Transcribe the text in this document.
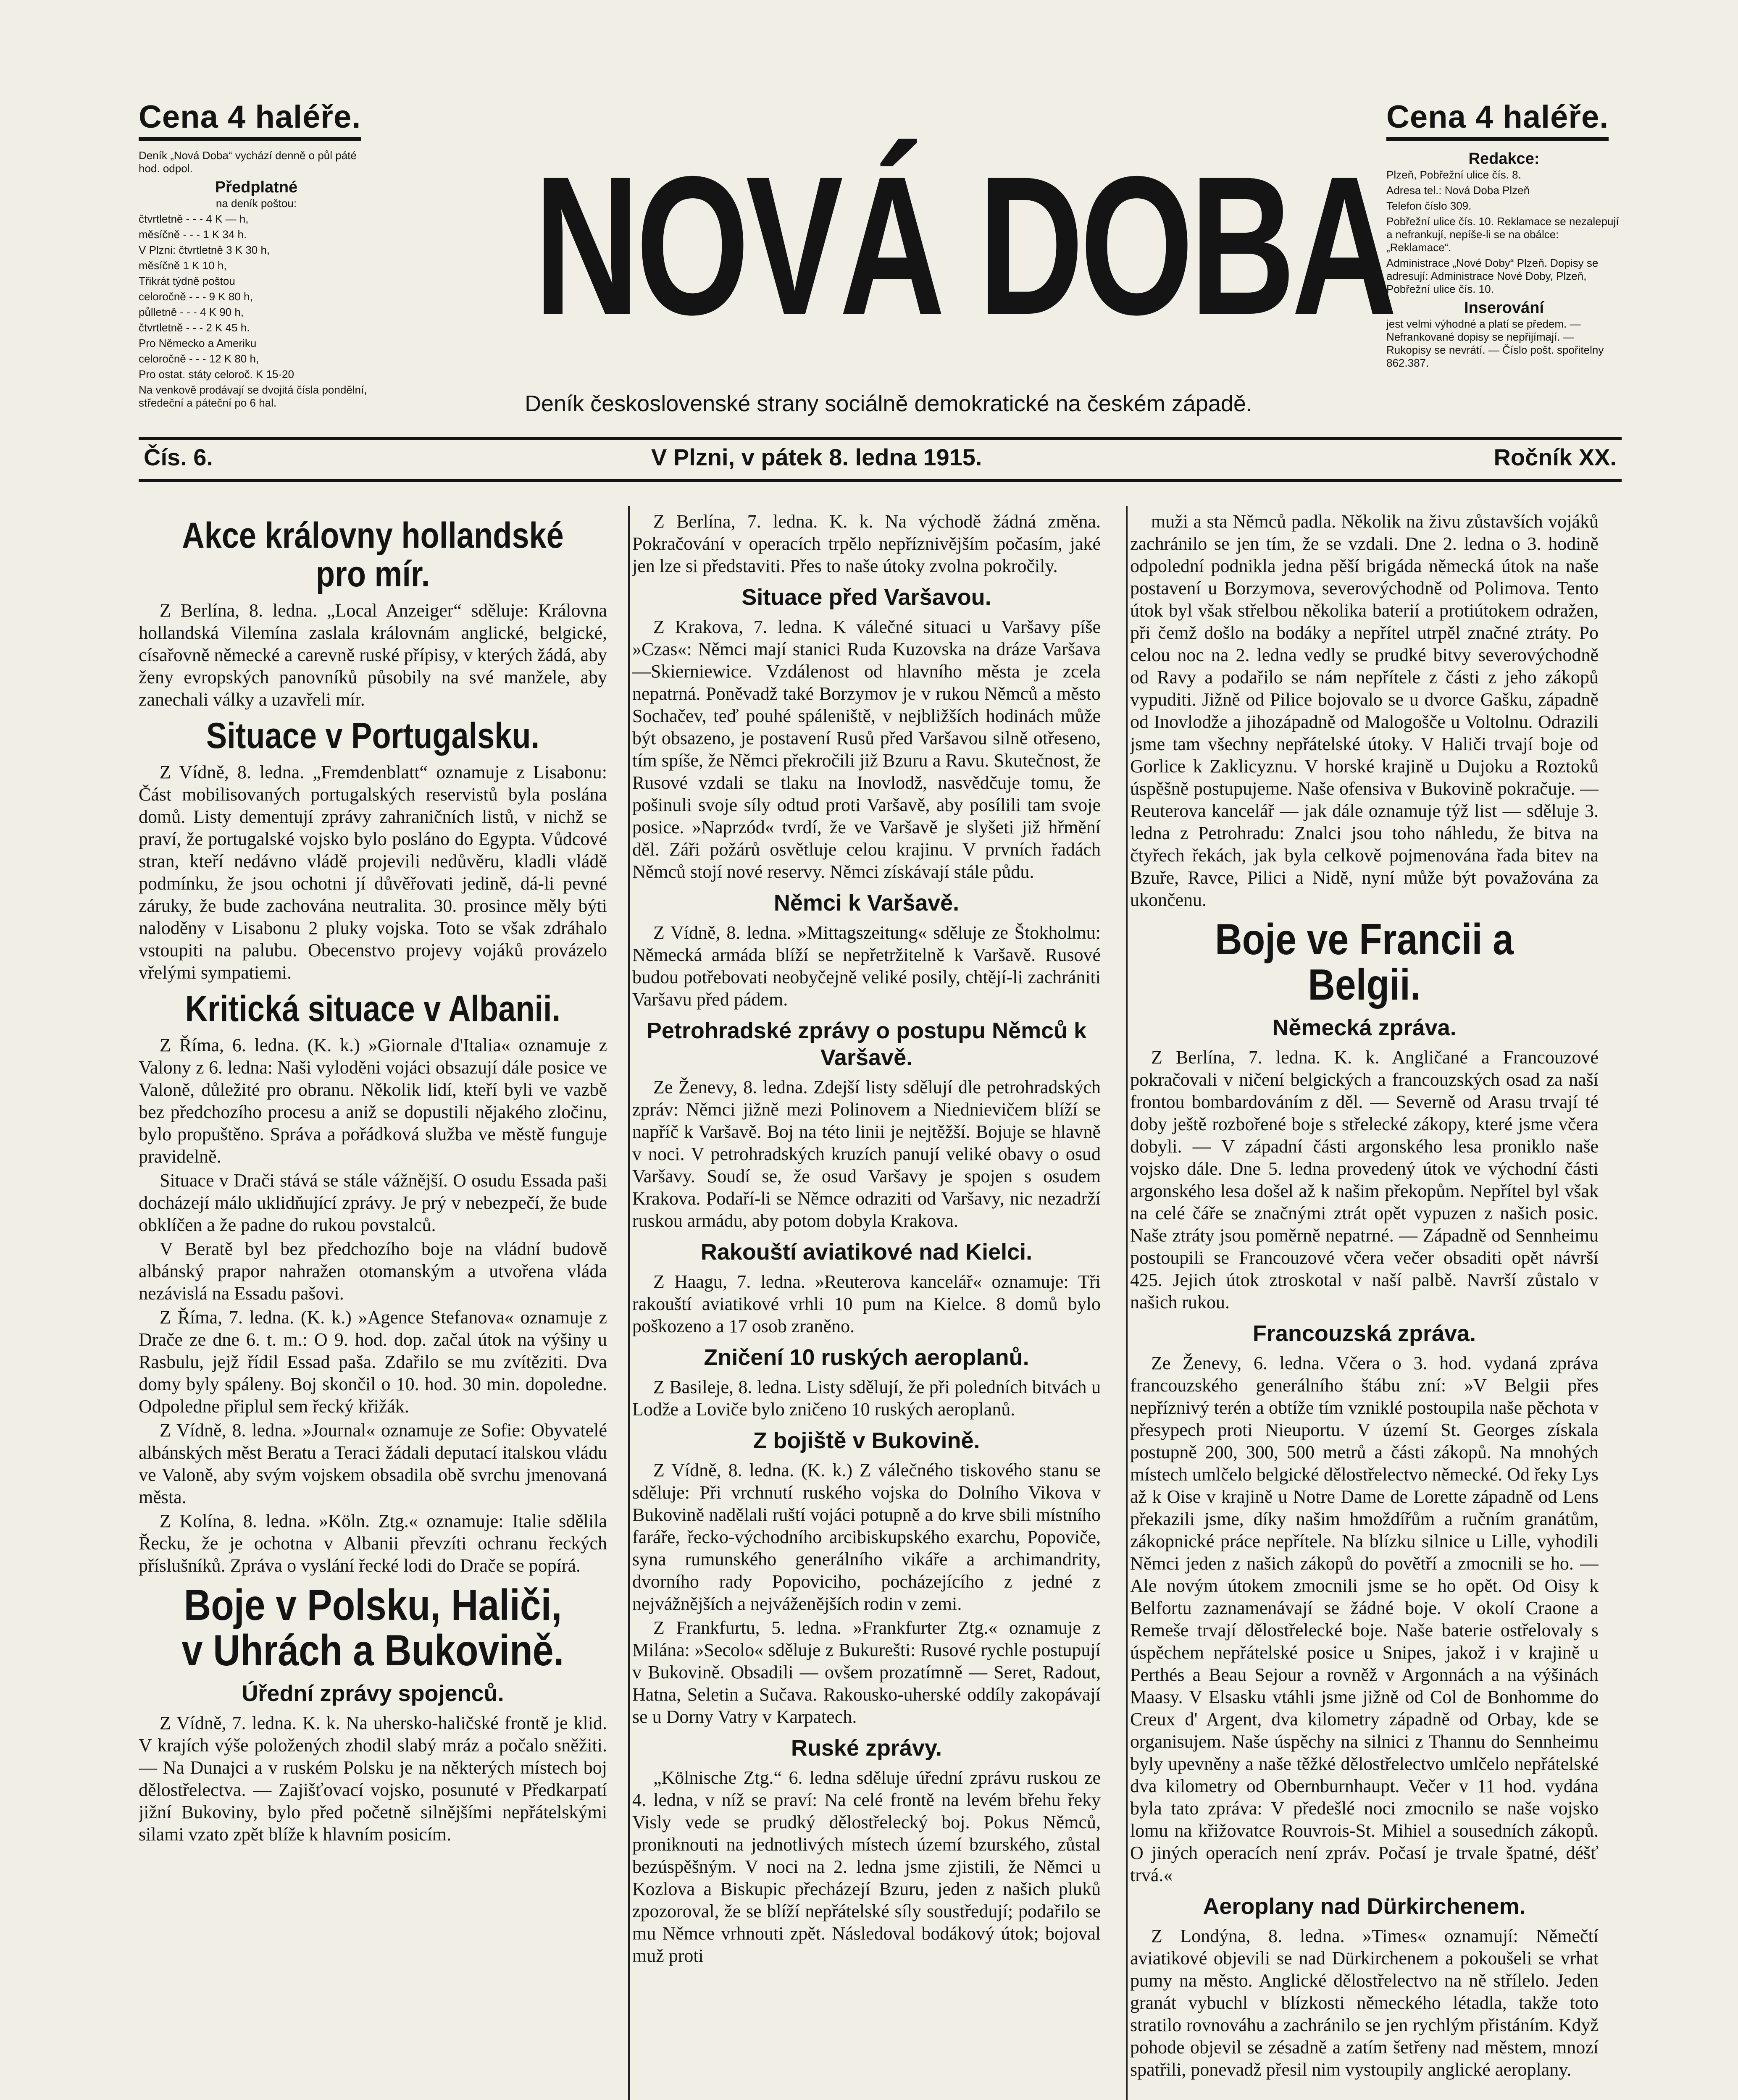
Cena 4 haléře.	Cena 4 haléře.

Deník „Nová Doba“ vychází denně o půl páté hod. odpol.

Předplatné

na deník poštou:

čtvrtletně - - - 4 K — h,

měsíčně - - - 1 K 34 h.

V Plzni: čtvrtletně 3 K 30 h,

měsíčně 1 K 10 h,

Třikrát týdně poštou

celoročně - - - 9 K 80 h,

půlletně - - - 4 K 90 h,

čtvrtletně - - - 2 K 45 h.

Pro Německo a Ameriku

celoročně - - - 12 K 80 h,

Pro ostat. státy celoroč. K 15·20

Na venkově prodávají se dvojitá čísla pondělní, středeční a páteční po 6 hal.

NOVÁ DOBA
Deník československé strany sociálně demokratické na českém západě.
Redakce:

Plzeň, Pobřežní ulice čís. 8.

Adresa tel.: Nová Doba Plzeň

Telefon číslo 309.

Pobřežní ulice čís. 10. Reklamace se nezalepují a nefrankují, nepíše-li se na obálce: „Reklamace“.

Administrace „Nové Doby“ Plzeň. Dopisy se adresují: Administrace Nové Doby, Plzeň, Pobřežní ulice čís. 10.

Inserování

jest velmi výhodné a platí se předem. — Nefrankované dopisy se nepřijímají. — Rukopisy se nevrátí. — Číslo pošt. spořitelny 862.387.

Čís. 6.	V Plzni, v pátek 8. ledna 1915.	Ročník XX.
Akce královny hollandské pro mír.

Z Berlína, 8. ledna. „Local Anzeiger“ sděluje: Královna hollandská Vilemína zaslala královnám anglické, belgické, císařovně německé a carevně ruské přípisy, v kterých žádá, aby ženy evropských panovníků působily na své manžele, aby zanechali války a uzavřeli mír.

Situace v Portugalsku.

Z Vídně, 8. ledna. „Fremdenblatt“ oznamuje z Lisabonu: Část mobilisovaných portugalských reservistů byla poslána domů. Listy dementují zprávy zahraničních listů, v nichž se praví, že portugalské vojsko bylo posláno do Egypta. Vůdcové stran, kteří nedávno vládě projevili nedůvěru, kladli vládě podmínku, že jsou ochotni jí důvěřovati jedině, dá-li pevné záruky, že bude zachována neutralita. 30. prosince měly býti naloděny v Lisabonu 2 pluky vojska. Toto se však zdráhalo vstoupiti na palubu. Obecenstvo projevy vojáků provázelo vřelými sympatiemi.

Kritická situace v Albanii.

Z Říma, 6. ledna. (K. k.) »Giornale d'Italia« oznamuje z Valony z 6. ledna: Naši vyloděni vojáci obsazují dále posice ve Valoně, důležité pro obranu. Několik lidí, kteří byli ve vazbě bez předchozího procesu a aniž se dopustili nějakého zločinu, bylo propuštěno. Správa a pořádková služba ve městě funguje pravidelně.

Situace v Drači stává se stále vážnější. O osudu Essada paši docházejí málo uklidňující zprávy. Je prý v nebezpečí, že bude obklíčen a že padne do rukou povstalců.

V Beratě byl bez předchozího boje na vládní budově albánský prapor nahražen otomanským a utvořena vláda nezávislá na Essadu pašovi.

Z Říma, 7. ledna. (K. k.) »Agence Stefanova« oznamuje z Drače ze dne 6. t. m.: O 9. hod. dop. začal útok na výšiny u Rasbulu, jejž řídil Essad paša. Zdařilo se mu zvítěziti. Dva domy byly spáleny. Boj skončil o 10. hod. 30 min. dopoledne. Odpoledne připlul sem řecký křižák.

Z Vídně, 8. ledna. »Journal« oznamuje ze Sofie: Obyvatelé albánských měst Beratu a Teraci žádali deputací italskou vládu ve Valoně, aby svým vojskem obsadila obě svrchu jmenovaná města.

Z Kolína, 8. ledna. »Köln. Ztg.« oznamuje: Italie sdělila Řecku, že je ochotna v Albanii převzíti ochranu řeckých příslušníků. Zpráva o vyslání řecké lodi do Drače se popírá.

Boje v Polsku, Haliči, v Uhrách a Bukovině.
Úřední zprávy spojenců.

Z Vídně, 7. ledna. K. k. Na uhersko-haličské frontě je klid. V krajích výše položených zhodil slabý mráz a počalo sněžiti. — Na Dunajci a v ruském Polsku je na některých místech boj dělostřelectva. — Zajišťovací vojsko, posunuté v Předkarpatí jižní Bukoviny, bylo před početně silnějšími nepřátelskými silami vzato zpět blíže k hlavním posicím.

Z Berlína, 7. ledna. K. k. Na východě žádná změna. Pokračování v operacích trpělo nepříznivějším počasím, jaké jen lze si představiti. Přes to naše útoky zvolna pokročily.

Situace před Varšavou.

Z Krakova, 7. ledna. K válečné situaci u Varšavy píše »Czas«: Němci mají stanici Ruda Kuzovska na dráze Varšava—Skierniewice. Vzdálenost od hlavního města je zcela nepatrná. Poněvadž také Borzymov je v rukou Němců a město Sochačev, teď pouhé spáleniště, v nejbližších hodinách může být obsazeno, je postavení Rusů před Varšavou silně otřeseno, tím spíše, že Němci překročili již Bzuru a Ravu. Skutečnost, že Rusové vzdali se tlaku na Inovlodž, nasvědčuje tomu, že pošinuli svoje síly odtud proti Varšavě, aby posílili tam svoje posice. »Naprzód« tvrdí, že ve Varšavě je slyšeti již hřmění děl. Záři požárů osvětluje celou krajinu. V prvních řadách Němců stojí nové reservy. Němci získávají stále půdu.

Němci k Varšavě.

Z Vídně, 8. ledna. »Mittagszeitung« sděluje ze Štokholmu: Německá armáda blíží se nepřetržitelně k Varšavě. Rusové budou potřebovati neobyčejně veliké posily, chtějí-li zachrániti Varšavu před pádem.

Petrohradské zprávy o postupu Němců k Varšavě.

Ze Ženevy, 8. ledna. Zdejší listy sdělují dle petrohradských zpráv: Němci jižně mezi Polinovem a Niednievičem blíží se napříč k Varšavě. Boj na této linii je nejtěžší. Bojuje se hlavně v noci. V petrohradských kruzích panují veliké obavy o osud Varšavy. Soudí se, že osud Varšavy je spojen s osudem Krakova. Podaří-li se Němce odraziti od Varšavy, nic nezadrží ruskou armádu, aby potom dobyla Krakova.

Rakouští aviatikové nad Kielci.

Z Haagu, 7. ledna. »Reuterova kancelář« oznamuje: Tři rakouští aviatikové vrhli 10 pum na Kielce. 8 domů bylo poškozeno a 17 osob zraněno.

Zničení 10 ruských aeroplanů.

Z Basileje, 8. ledna. Listy sdělují, že při poledních bitvách u Lodže a Loviče bylo zničeno 10 ruských aeroplanů.

Z bojiště v Bukovině.

Z Vídně, 8. ledna. (K. k.) Z válečného tiskového stanu se sděluje: Při vrchnutí ruského vojska do Dolního Vikova v Bukovině nadělali ruští vojáci potupně a do krve sbili místního faráře, řecko-východního arcibiskupského exarchu, Popoviče, syna rumunského generálního vikáře a archimandrity, dvorního rady Popoviciho, pocházejícího z jedné z nejvážnějších a nejváženějších rodin v zemi.

Z Frankfurtu, 5. ledna. »Frankfurter Ztg.« oznamuje z Milána: »Secolo« sděluje z Bukurešti: Rusové rychle postupují v Bukovině. Obsadili — ovšem prozatímně — Seret, Radout, Hatna, Seletin a Sučava. Rakousko-uherské oddíly zakopávají se u Dorny Vatry v Karpatech.

Ruské zprávy.

„Kölnische Ztg.“ 6. ledna sděluje úřední zprávu ruskou ze 4. ledna, v níž se praví: Na celé frontě na levém břehu řeky Visly vede se prudký dělostřelecký boj. Pokus Němců, proniknouti na jednotlivých místech území bzurského, zůstal bezúspěšným. V noci na 2. ledna jsme zjistili, že Němci u Kozlova a Biskupic přecházejí Bzuru, jeden z našich pluků zpozoroval, že se blíží nepřátelské síly soustředují; podařilo se mu Němce vrhnouti zpět. Následoval bodákový útok; bojoval muž proti

muži a sta Němců padla. Několik na živu zůstavších vojáků zachránilo se jen tím, že se vzdali. Dne 2. ledna o 3. hodině odpolední podnikla jedna pěší brigáda německá útok na naše postavení u Borzymova, severovýchodně od Polimova. Tento útok byl však střelbou několika baterií a protiútokem odražen, při čemž došlo na bodáky a nepřítel utrpěl značné ztráty. Po celou noc na 2. ledna vedly se prudké bitvy severovýchodně od Ravy a podařilo se nám nepřítele z části z jeho zákopů vypuditi. Jižně od Pilice bojovalo se u dvorce Gašku, západně od Inovlodže a jihozápadně od Malogošče u Voltolnu. Odrazili jsme tam všechny nepřátelské útoky. V Haliči trvají boje od Gorlice k Zaklicyznu. V horské krajině u Dujoku a Roztoků úspěšně postupujeme. Naše ofensiva v Bukovině pokračuje. — Reuterova kancelář — jak dále oznamuje týž list — sděluje 3. ledna z Petrohradu: Znalci jsou toho náhledu, že bitva na čtyřech řekách, jak byla celkově pojmenována řada bitev na Bzuře, Ravce, Pilici a Nidě, nyní může být považována za ukončenu.

Boje ve Francii a Belgii.
Německá zpráva.

Z Berlína, 7. ledna. K. k. Angličané a Francouzové pokračovali v ničení belgických a francouzských osad za naší frontou bombardováním z děl. — Severně od Arasu trvají té doby ještě rozbořené boje s střelecké zákopy, které jsme včera dobyli. — V západní části argonského lesa proniklo naše vojsko dále. Dne 5. ledna provedený útok ve východní části argonského lesa došel až k našim překopům. Nepřítel byl však na celé čáře se značnými ztrát opět vypuzen z našich posic. Naše ztráty jsou poměrně nepatrné. — Západně od Sennheimu postoupili se Francouzové včera večer obsaditi opět návrší 425. Jejich útok ztroskotal v naší palbě. Navrší zůstalo v našich rukou.

Francouzská zpráva.

Ze Ženevy, 6. ledna. Včera o 3. hod. vydaná zpráva francouzského generálního štábu zní: »V Belgii přes nepříznivý terén a obtíže tím vzniklé postoupila naše pěchota v přesypech proti Nieuportu. V území St. Georges získala postupně 200, 300, 500 metrů a části zákopů. Na mnohých místech umlčelo belgické dělostřelectvo německé. Od řeky Lys až k Oise v krajině u Notre Dame de Lorette západně od Lens překazili jsme, díky našim hmoždířům a ručním granátům, zákopnické práce nepřítele. Na blízku silnice u Lille, vyhodili Němci jeden z našich zákopů do povětří a zmocnili se ho. — Ale novým útokem zmocnili jsme se ho opět. Od Oisy k Belfortu zaznamenávají se žádné boje. V okolí Craone a Remeše trvají dělostřelecké boje. Naše baterie ostřelovaly s úspěchem nepřátelské posice u Snipes, jakož i v krajině u Perthés a Beau Sejour a rovněž v Argonnách a na výšinách Maasy. V Elsasku vtáhli jsme jižně od Col de Bonhomme do Creux d' Argent, dva kilometry západně od Orbay, kde se organisujem. Naše úspěchy na silnici z Thannu do Sennheimu byly upevněny a naše těžké dělostřelectvo umlčelo nepřátelské dva kilometry od Obernburnhaupt. Večer v 11 hod. vydána byla tato zpráva: V předešlé noci zmocnilo se naše vojsko lomu na křižovatce Rouvrois-St. Mihiel a sousedních zákopů. O jiných operacích není zpráv. Počasí je trvale špatné, déšť trvá.«

Aeroplany nad Dürkirchenem.

Z Londýna, 8. ledna. »Times« oznamují: Němečtí aviatikové objevili se nad Dürkirchenem a pokoušeli se vrhat pumy na město. Anglické dělostřelectvo na ně střílelo. Jeden granát vybuchl v blízkosti německého létadla, takže toto stratilo rovnováhu a zachránilo se jen rychlým přistáním. Když pohode objevil se zésadně a zatím šetřeny nad městem, mnozí spatřili, ponevadž přesil nim vystoupily anglické aeroplany.
